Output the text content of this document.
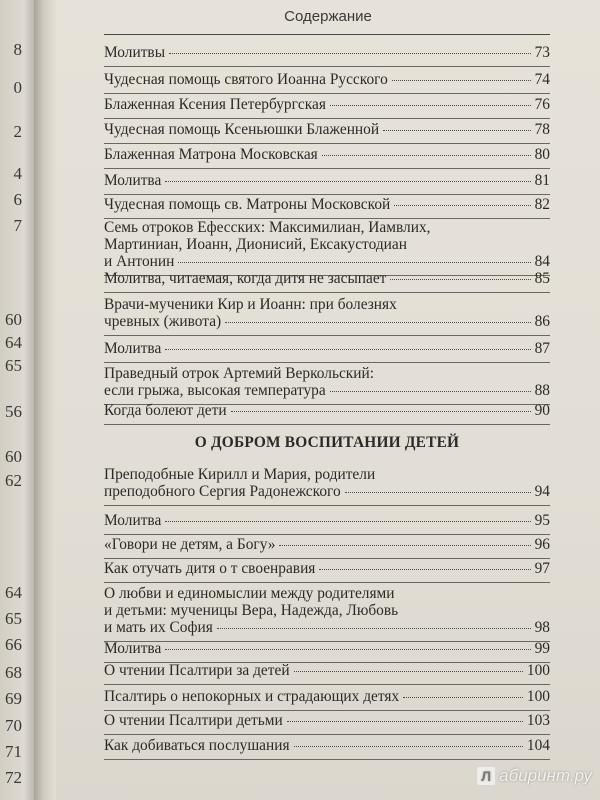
8
0
2
4
6
7
60
64
65
56
60
62
64
65
66
68
69
70
71
72
Содержание
Молитвы	73
Чудесная помощь святого Иоанна Русского	74
Блаженная Ксения Петербургская	76
Чудесная помощь Ксеньюшки Блаженной	78
Блаженная Матрона Московская	80
Молитва	81
Чудесная помощь св. Матроны Московской	82
Семь отроков Ефесских: Максимилиан, Иамвлих,
Мартиниан, Иоанн, Дионисий, Ексакустодиан
и Антонин	84
Молитва, читаемая, когда дитя не засыпает	85
Врачи-мученики Кир и Иоанн: при болезнях
чревных (живота)	86
Молитва	87
Праведный отрок Артемий Веркольский:
если грыжа, высокая температура	88
Когда болеют дети	90
О ДОБРОМ ВОСПИТАНИИ ДЕТЕЙ
Преподобные Кирилл и Мария, родители
преподобного Сергия Радонежского	94
Молитва	95
«Говори не детям, а Богу»	96
Как отучать дитя о т своенравия	97
О любви и единомыслии между родителями
и детьми: мученицы Вера, Надежда, Любовь
и мать их София	98
Молитва	99
О чтении Псалтири за детей	100
Псалтирь о непокорных и страдающих детях	100
О чтении Псалтири детьми	103
Как добиваться послушания	104
Л абиринт.ру
